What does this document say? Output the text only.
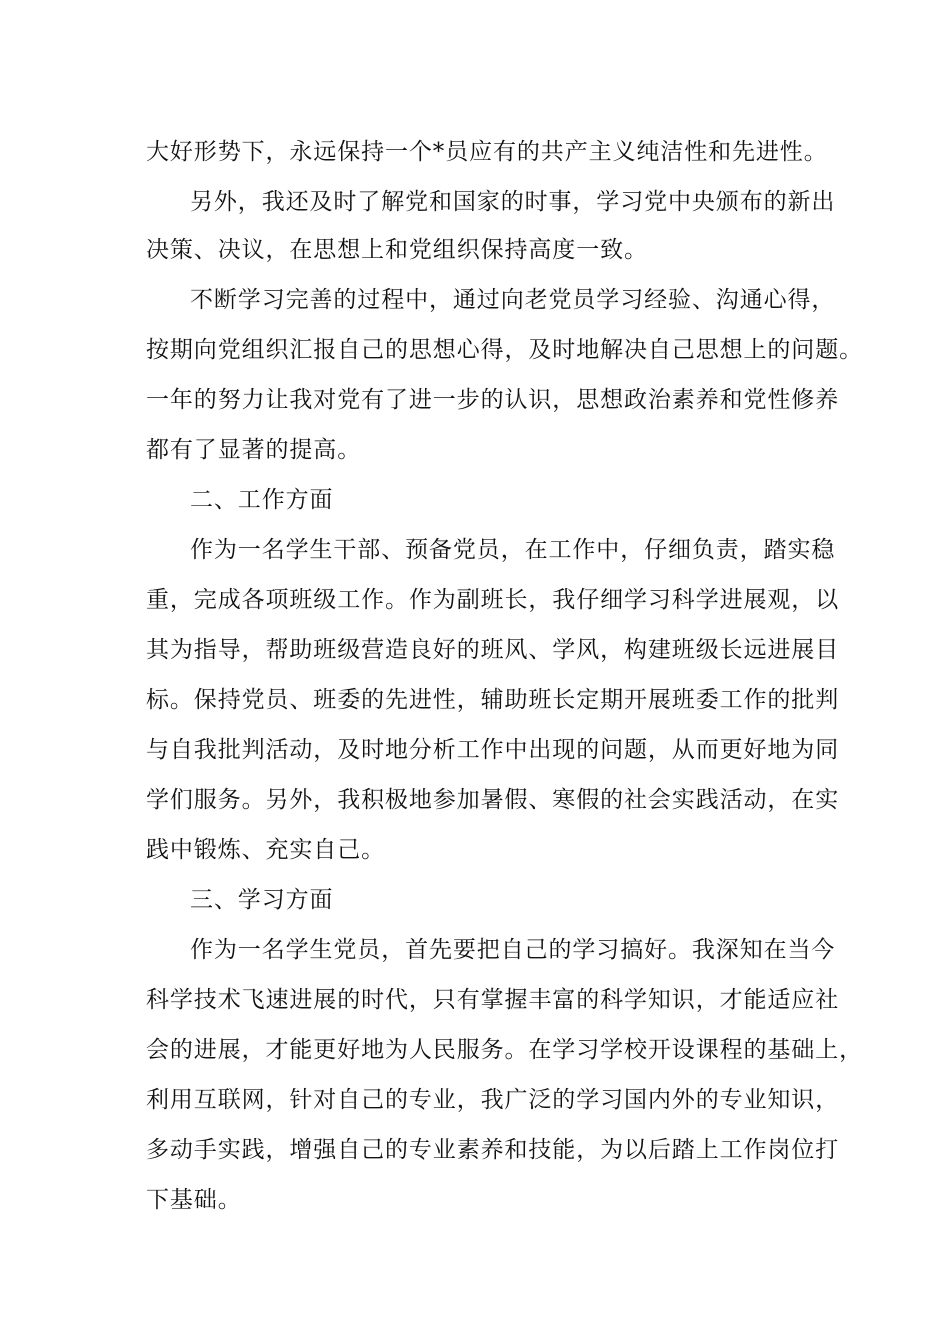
大好形势下，永远保持一个*员应有的共产主义纯洁性和先进性。
另外，我还及时了解党和国家的时事，学习党中央颁布的新出
决策、决议，在思想上和党组织保持高度一致。
不断学习完善的过程中，通过向老党员学习经验、沟通心得，
按期向党组织汇报自己的思想心得，及时地解决自己思想上的问题。
一年的努力让我对党有了进一步的认识，思想政治素养和党性修养
都有了显著的提高。
二、工作方面
作为一名学生干部、预备党员，在工作中，仔细负责，踏实稳
重，完成各项班级工作。作为副班长，我仔细学习科学进展观，以
其为指导，帮助班级营造良好的班风、学风，构建班级长远进展目
标。保持党员、班委的先进性，辅助班长定期开展班委工作的批判
与自我批判活动，及时地分析工作中出现的问题，从而更好地为同
学们服务。另外，我积极地参加暑假、寒假的社会实践活动，在实
践中锻炼、充实自己。
三、学习方面
作为一名学生党员，首先要把自己的学习搞好。我深知在当今
科学技术飞速进展的时代，只有掌握丰富的科学知识，才能适应社
会的进展，才能更好地为人民服务。在学习学校开设课程的基础上，
利用互联网，针对自己的专业，我广泛的学习国内外的专业知识，
多动手实践，增强自己的专业素养和技能，为以后踏上工作岗位打
下基础。
